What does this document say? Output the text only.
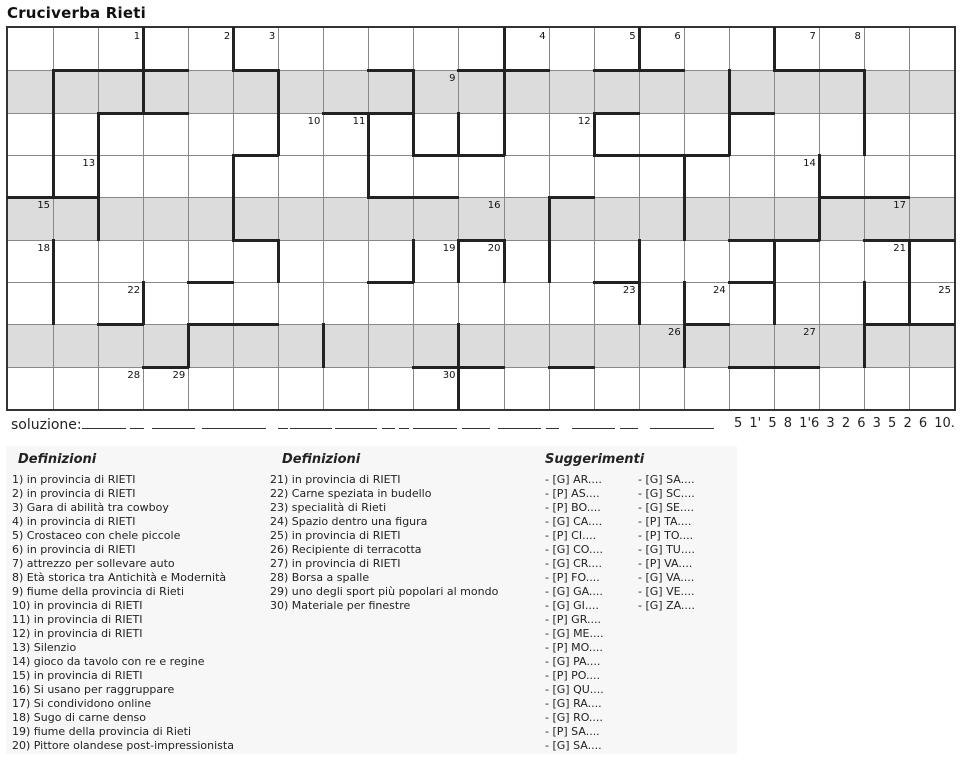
Cruciverba Rieti
1	2	3	4	5	6	7	8
9
10	11	12
13	14
15	16	17
18	19	20	21
22	23	24	25
26	27
28	29	30
soluzione:	5 1' 5 8 1'6 3 2 6 3 5 2 6 10.
Definizioni	Definizioni	Suggerimenti
1) in provincia di RIETI
2) in provincia di RIETI
3) Gara di abilità tra cowboy
4) in provincia di RIETI
5) Crostaceo con chele piccole
6) in provincia di RIETI
7) attrezzo per sollevare auto
8) Età storica tra Antichità e Modernità
9) fiume della provincia di Rieti
10) in provincia di RIETI
11) in provincia di RIETI
12) in provincia di RIETI
13) Silenzio
14) gioco da tavolo con re e regine
15) in provincia di RIETI
16) Si usano per raggruppare
17) Si condividono online
18) Sugo di carne denso
19) fiume della provincia di Rieti
20) Pittore olandese post-impressionista
21) in provincia di RIETI
22) Carne speziata in budello
23) specialità di Rieti
24) Spazio dentro una figura
25) in provincia di RIETI
26) Recipiente di terracotta
27) in provincia di RIETI
28) Borsa a spalle
29) uno degli sport più popolari al mondo
30) Materiale per finestre
- [G] AR....
- [P] AS....
- [P] BO....
- [G] CA....
- [P] CI....
- [G] CO....
- [G] CR....
- [P] FO....
- [G] GA....
- [G] GI....
- [P] GR....
- [G] ME....
- [P] MO....
- [G] PA....
- [P] PO....
- [G] QU....
- [G] RA....
- [G] RO....
- [P] SA....
- [G] SA....
- [G] SA....
- [G] SC....
- [G] SE....
- [P] TA....
- [P] TO....
- [G] TU....
- [P] VA....
- [G] VA....
- [G] VE....
- [G] ZA....
